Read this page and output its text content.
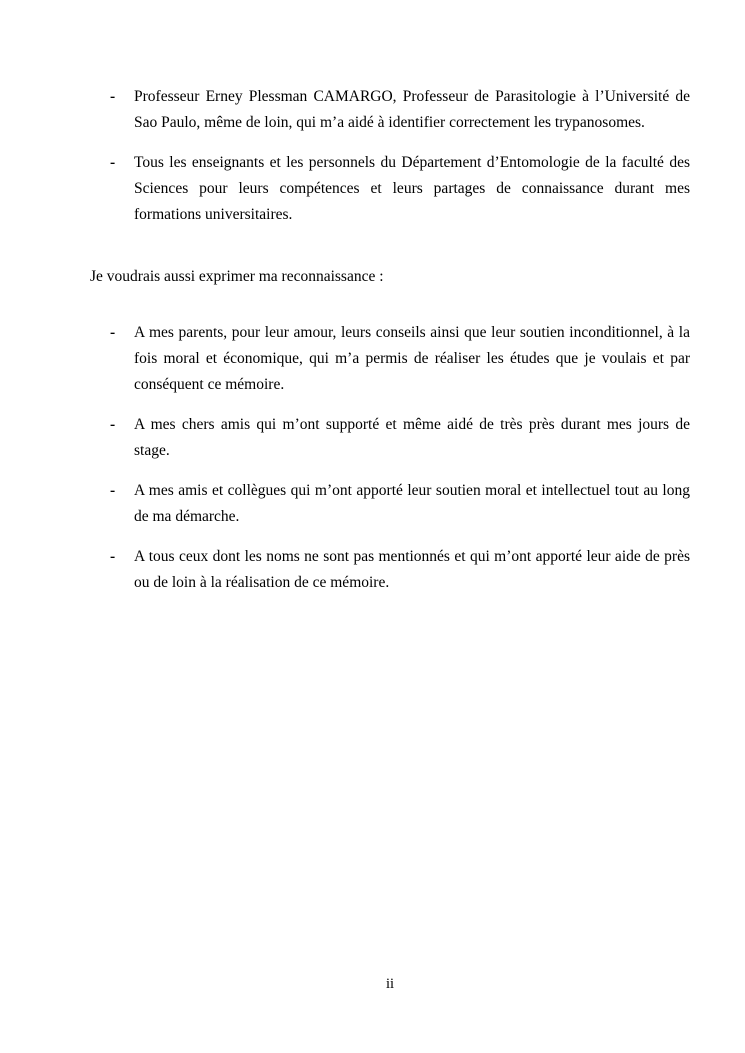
-	Professeur Erney Plessman CAMARGO, Professeur de Parasitologie à l’Université de Sao Paulo, même de loin, qui m’a aidé à identifier correctement les trypanosomes.
-	Tous les enseignants et les personnels du Département d’Entomologie de la faculté des Sciences pour leurs compétences et leurs partages de connaissance durant mes formations universitaires.

Je voudrais aussi exprimer ma reconnaissance :

-	A mes parents, pour leur amour, leurs conseils ainsi que leur soutien inconditionnel, à la fois moral et économique, qui m’a permis de réaliser les études que je voulais et par conséquent ce mémoire.
-	A mes chers amis qui m’ont supporté et même aidé de très près durant mes jours de stage.
-	A mes amis et collègues qui m’ont apporté leur soutien moral et intellectuel tout au long de ma démarche.
-	A tous ceux dont les noms ne sont pas mentionnés et qui m’ont apporté leur aide de près ou de loin à la réalisation de ce mémoire.
ii
